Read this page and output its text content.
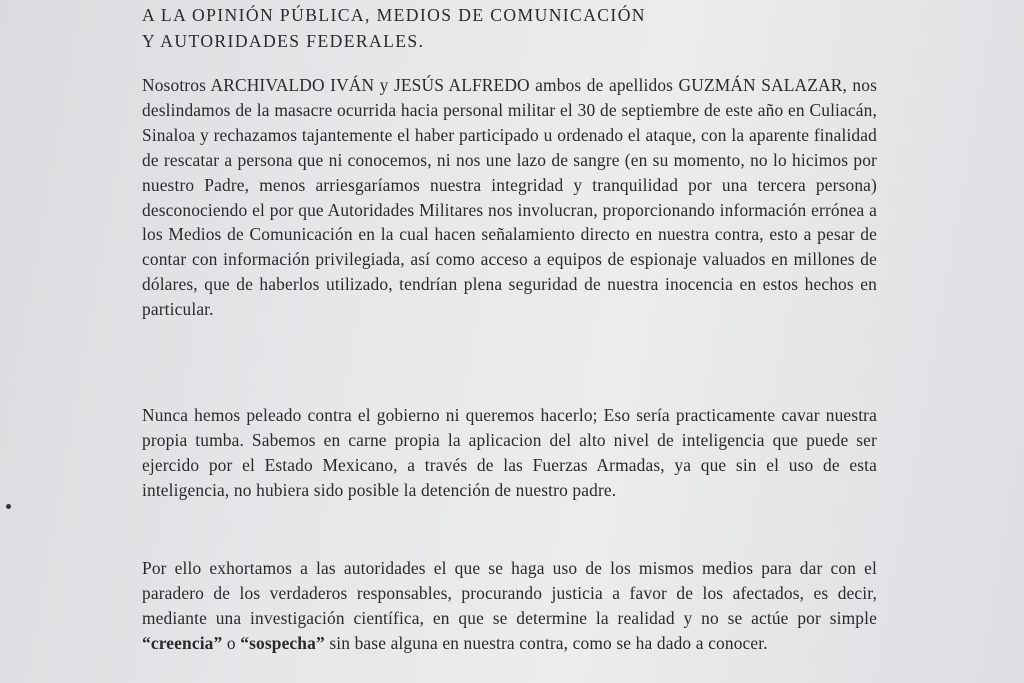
A LA OPINIÓN PÚBLICA, MEDIOS DE COMUNICACIÓN
Y AUTORIDADES FEDERALES.
Nosotros ARCHIVALDO IVÁN y JESÚS ALFREDO ambos de apellidos GUZMÁN SALAZAR, nos deslindamos de la masacre ocurrida hacia personal militar el 30 de septiembre de este año en Culiacán, Sinaloa y rechazamos tajantemente el haber participado u ordenado el ataque, con la aparente finalidad de rescatar a persona que ni conocemos, ni nos une lazo de sangre (en su momento, no lo hicimos por nuestro Padre, menos arriesgaríamos nuestra integridad y tranquilidad por una tercera persona) desconociendo el por que Autoridades Militares nos involucran, proporcionando información errónea a los Medios de Comunicación en la cual hacen señalamiento directo en nuestra contra, esto a pesar de contar con información privilegiada, así como acceso a equipos de espionaje valuados en millones de dólares, que de haberlos utilizado, tendrían plena seguridad de nuestra inocencia en estos hechos en particular.
Nunca hemos peleado contra el gobierno ni queremos hacerlo; Eso sería practicamente cavar nuestra propia tumba. Sabemos en carne propia la aplicacion del alto nivel de inteligencia que puede ser ejercido por el Estado Mexicano, a través de las Fuerzas Armadas, ya que sin el uso de esta inteligencia, no hubiera sido posible la detención de nuestro padre.
Por ello exhortamos a las autoridades el que se haga uso de los mismos medios para dar con el paradero de los verdaderos responsables, procurando justicia a favor de los afectados, es decir, mediante una investigación científica, en que se determine la realidad y no se actúe por simple “creencia” o “sospecha” sin base alguna en nuestra contra, como se ha dado a conocer.
